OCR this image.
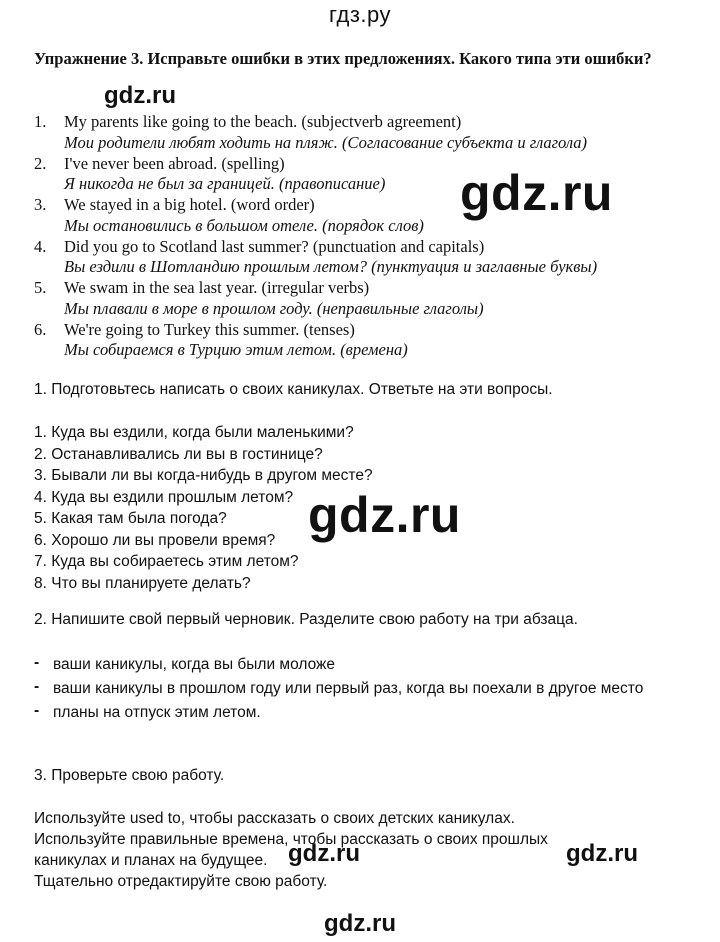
гдз.ру
Упражнение 3. Исправьте ошибки в этих предложениях. Какого типа эти ошибки?
1. My parents like going to the beach. (subjectverb agreement)
Мои родители любят ходить на пляж. (Согласование субъекта и глагола)
2. I've never been abroad. (spelling)
Я никогда не был за границей. (правописание)
3. We stayed in a big hotel. (word order)
Мы остановились в большом отеле. (порядок слов)
4. Did you go to Scotland last summer? (punctuation and capitals)
Вы ездили в Шотландию прошлым летом? (пунктуация и заглавные буквы)
5. We swam in the sea last year. (irregular verbs)
Мы плавали в море в прошлом году. (неправильные глаголы)
6. We're going to Turkey this summer. (tenses)
Мы собираемся в Турцию этим летом. (времена)
1. Подготовьтесь написать о своих каникулах. Ответьте на эти вопросы.
1. Куда вы ездили, когда были маленькими?
2. Останавливались ли вы в гостинице?
3. Бывали ли вы когда-нибудь в другом месте?
4. Куда вы ездили прошлым летом?
5. Какая там была погода?
6. Хорошо ли вы провели время?
7. Куда вы собираетесь этим летом?
8. Что вы планируете делать?
2. Напишите свой первый черновик. Разделите свою работу на три абзаца.
- ваши каникулы, когда вы были моложе
- ваши каникулы в прошлом году или первый раз, когда вы поехали в другое место
- планы на отпуск этим летом.
3. Проверьте свою работу.
Используйте used to, чтобы рассказать о своих детских каникулах.
Используйте правильные времена, чтобы рассказать о своих прошлых каникулах и планах на будущее.
Тщательно отредактируйте свою работу.
gdz.ru
gdz.ru
gdz.ru
gdz.ru	gdz.ru
gdz.ru
